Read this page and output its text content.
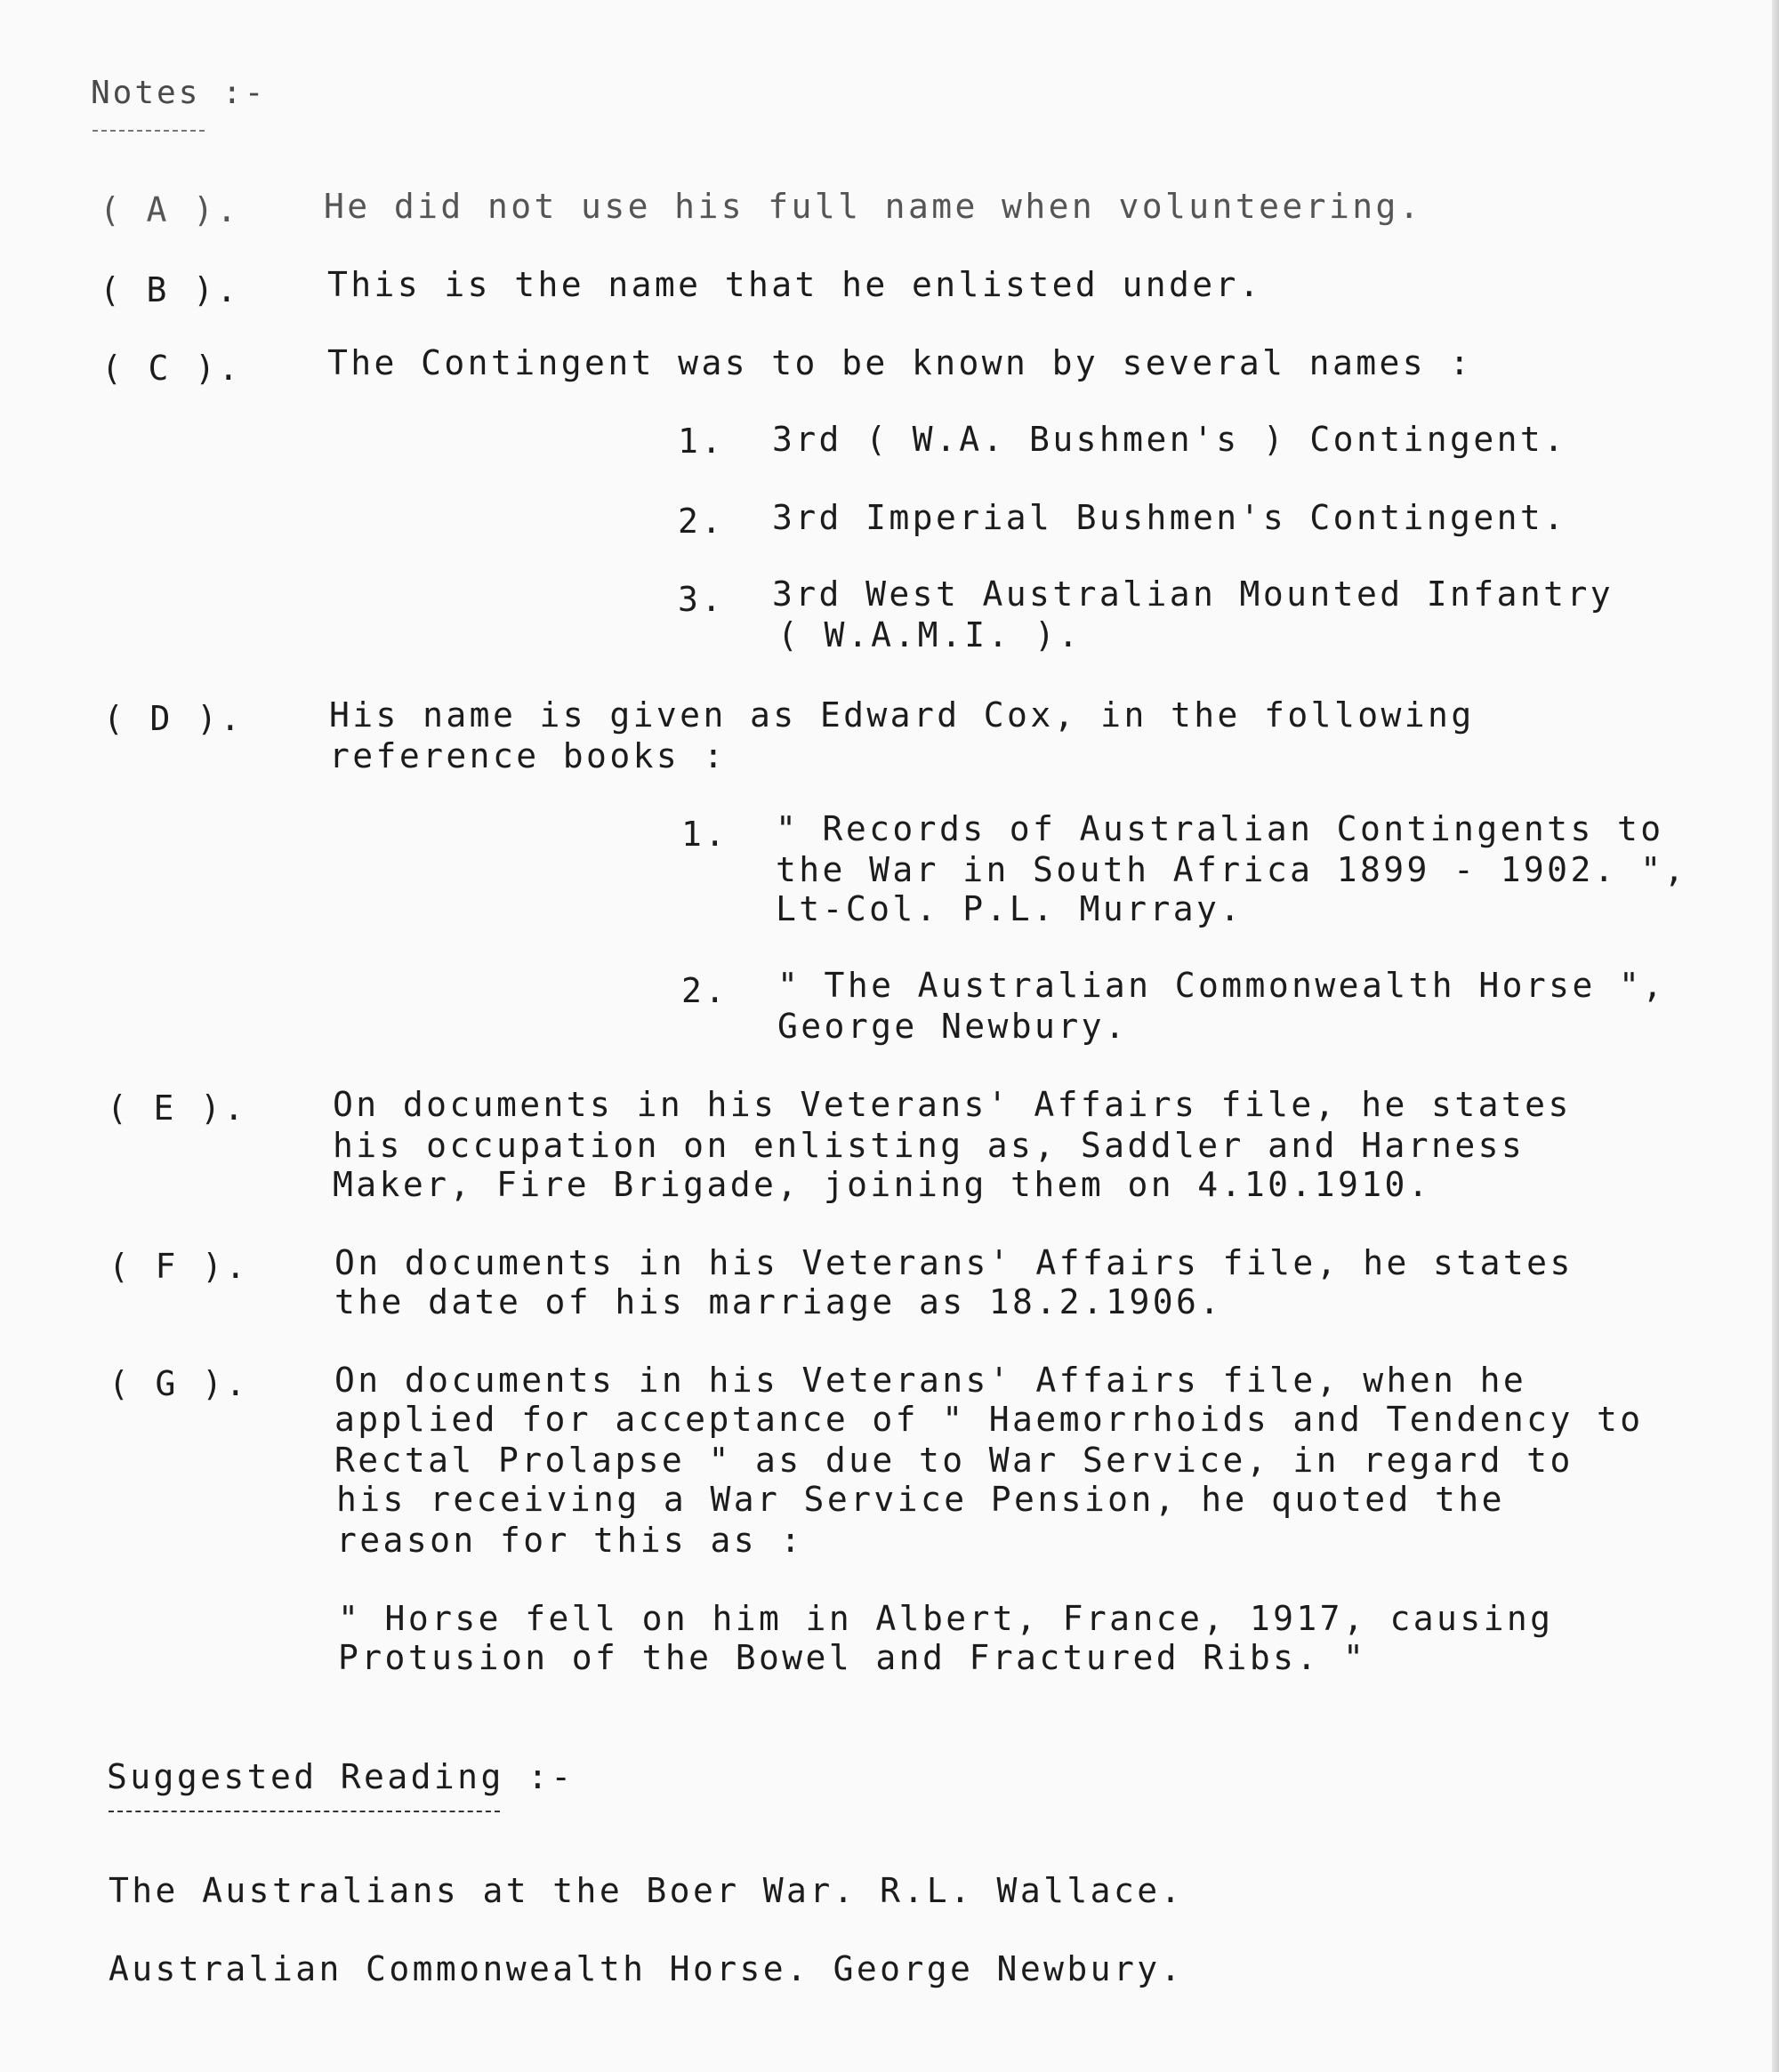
Notes :-
( A ). He did not use his full name when volunteering.
( B ).	This is the name that he enlisted under.
( C ).	The Contingent was to be known by several names :
1. 3rd ( W.A. Bushmen's ) Contingent.
2. 3rd Imperial Bushmen's Contingent.
3. 3rd West Australian Mounted Infantry
( W.A.M.I. ).
( D ).	His name is given as Edward Cox, in the following
reference books :
1. " Records of Australian Contingents to
the War in South Africa 1899 - 1902. ",
Lt-Col. P.L. Murray.
2. " The Australian Commonwealth Horse ",
George Newbury.
( E ).	On documents in his Veterans' Affairs file, he states
his occupation on enlisting as, Saddler and Harness
Maker, Fire Brigade, joining them on 4.10.1910.
( F ).	On documents in his Veterans' Affairs file, he states
the date of his marriage as 18.2.1906.
( G ).	On documents in his Veterans' Affairs file, when he
applied for acceptance of " Haemorrhoids and Tendency to
Rectal Prolapse " as due to War Service, in regard to
his receiving a War Service Pension, he quoted the
reason for this as :
" Horse fell on him in Albert, France, 1917, causing
Protusion of the Bowel and Fractured Ribs. "
Suggested Reading :-
The Australians at the Boer War. R.L. Wallace.
Australian Commonwealth Horse. George Newbury.
